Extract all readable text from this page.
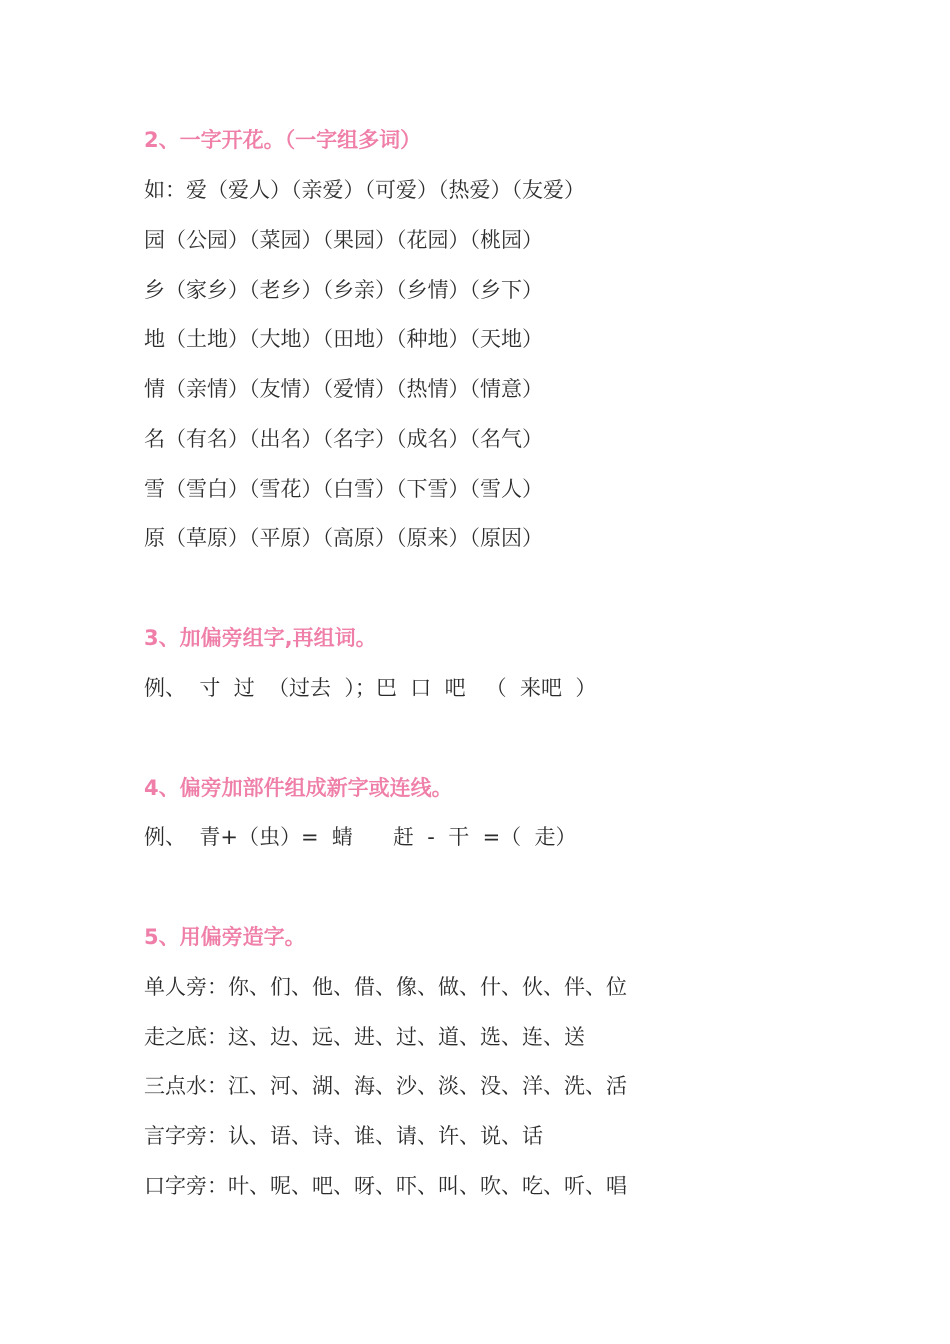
2、一字开花。（一字组多词）
如：爱（爱人）（亲爱）（可爱）（热爱）（友爱）
园（公园）（菜园）（果园）（花园）（桃园）
乡（家乡）（老乡）（乡亲）（乡情）（乡下）
地（土地）（大地）（田地）（种地）（天地）
情（亲情）（友情）（爱情）（热情）（情意）
名（有名）（出名）（名字）（成名）（名气）
雪（雪白）（雪花）（白雪）（下雪）（雪人）
原（草原）（平原）（高原）（原来）（原因）
3、加偏旁组字,再组词。
例、  寸  过  （过去  ）；巴  口  吧   （  来吧  ）
4、偏旁加部件组成新字或连线。
例、  青+（虫）=  蜻      赶  -  干  =（  走）
5、用偏旁造字。
单人旁：你、们、他、借、像、做、什、伙、伴、位
走之底：这、边、远、进、过、道、选、连、送
三点水：江、河、湖、海、沙、淡、没、洋、洗、活
言字旁：认、语、诗、谁、请、许、说、话
口字旁：叶、呢、吧、呀、吓、叫、吹、吃、听、唱
